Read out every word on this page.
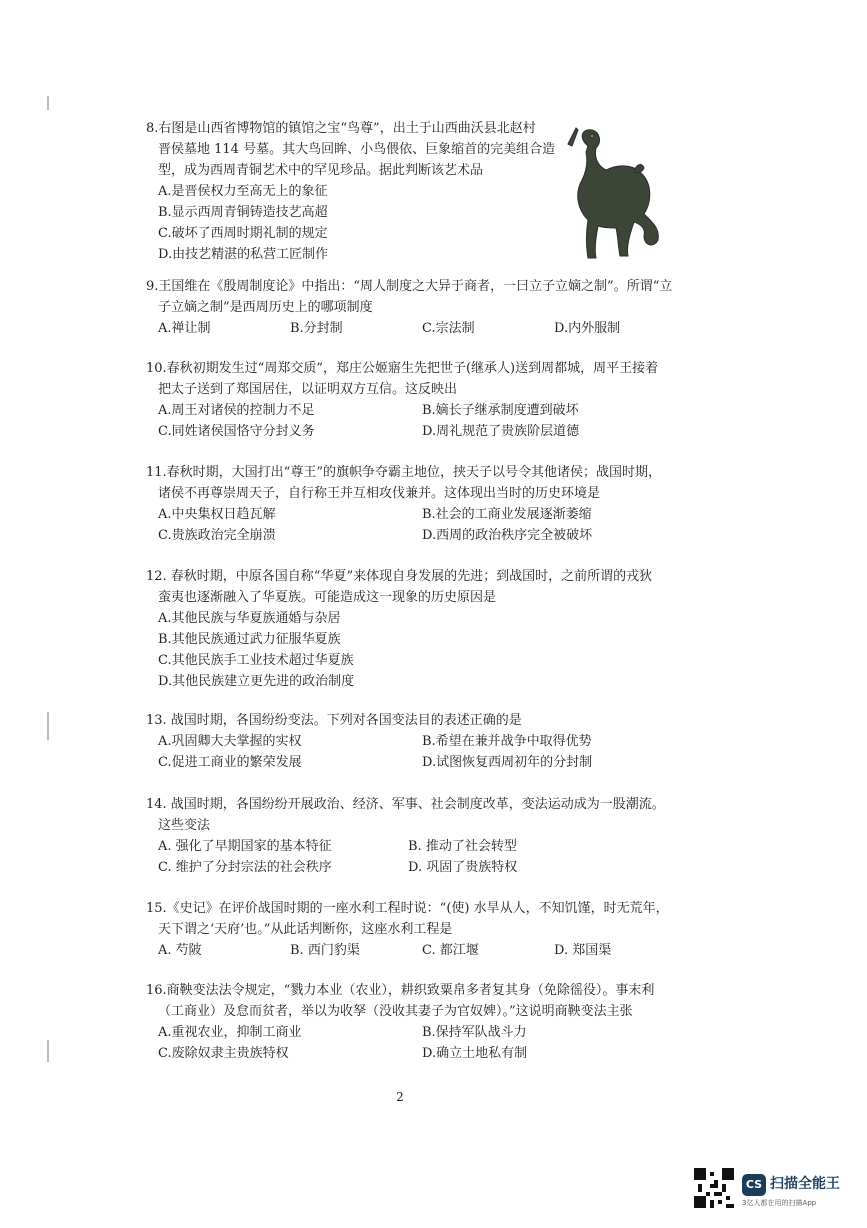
8.右图是山西省博物馆的镇馆之宝“鸟尊”，出土于山西曲沃县北赵村
晋侯墓地 114 号墓。其大鸟回眸、小鸟偎依、巨象缩首的完美组合造型，成为西周青铜艺术中的罕见珍品。据此判断该艺术品

A.是晋侯权力至高无上的象征
B.显示西周青铜铸造技艺高超
C.破坏了西周时期礼制的规定
D.由技艺精湛的私营工匠制作

9.王国维在《殷周制度论》中指出：“周人制度之大异于商者，一曰立子立嫡之制”。所谓“立
子立嫡之制”是西周历史上的哪项制度

A.禅让制	B.分封制	C.宗法制	D.内外服制

10.春秋初期发生过“周郑交质”，郑庄公姬寤生先把世子(继承人)送到周都城，周平王接着
把太子送到了郑国居住，以证明双方互信。这反映出

A.周王对诸侯的控制力不足	B.嫡长子继承制度遭到破坏
C.同姓诸侯国恪守分封义务	D.周礼规范了贵族阶层道德

11.春秋时期，大国打出“尊王”的旗帜争夺霸主地位，挟天子以号令其他诸侯；战国时期，
诸侯不再尊崇周天子，自行称王并互相攻伐兼并。这体现出当时的历史环境是

A.中央集权日趋瓦解	B.社会的工商业发展逐渐萎缩
C.贵族政治完全崩溃	D.西周的政治秩序完全被破坏

12. 春秋时期，中原各国自称“华夏”来体现自身发展的先进；到战国时，之前所谓的戎狄
蛮夷也逐渐融入了华夏族。可能造成这一现象的历史原因是

A.其他民族与华夏族通婚与杂居
B.其他民族通过武力征服华夏族
C.其他民族手工业技术超过华夏族
D.其他民族建立更先进的政治制度

13. 战国时期，各国纷纷变法。下列对各国变法目的表述正确的是

A.巩固卿大夫掌握的实权	B.希望在兼并战争中取得优势
C.促进工商业的繁荣发展	D.试图恢复西周初年的分封制

14. 战国时期，各国纷纷开展政治、经济、军事、社会制度改革，变法运动成为一股潮流。
这些变法

A. 强化了早期国家的基本特征	B. 推动了社会转型
C. 维护了分封宗法的社会秩序	D. 巩固了贵族特权

15.《史记》在评价战国时期的一座水利工程时说：“(使) 水旱从人，不知饥馑，时无荒年，
天下谓之‘天府’也。”从此话判断你，这座水利工程是

A. 芍陂	B. 西门豹渠	C. 都江堰	D. 郑国渠

16.商鞅变法法令规定，“戮力本业（农业），耕织致粟帛多者复其身（免除徭役）。事末利
（工商业）及怠而贫者，举以为收孥（没收其妻子为官奴婢）。”这说明商鞅变法主张

A.重视农业，抑制工商业	B.保持军队战斗力
C.废除奴隶主贵族特权	D.确立土地私有制
2
CS 扫描全能王
3亿人都在用的扫描App
